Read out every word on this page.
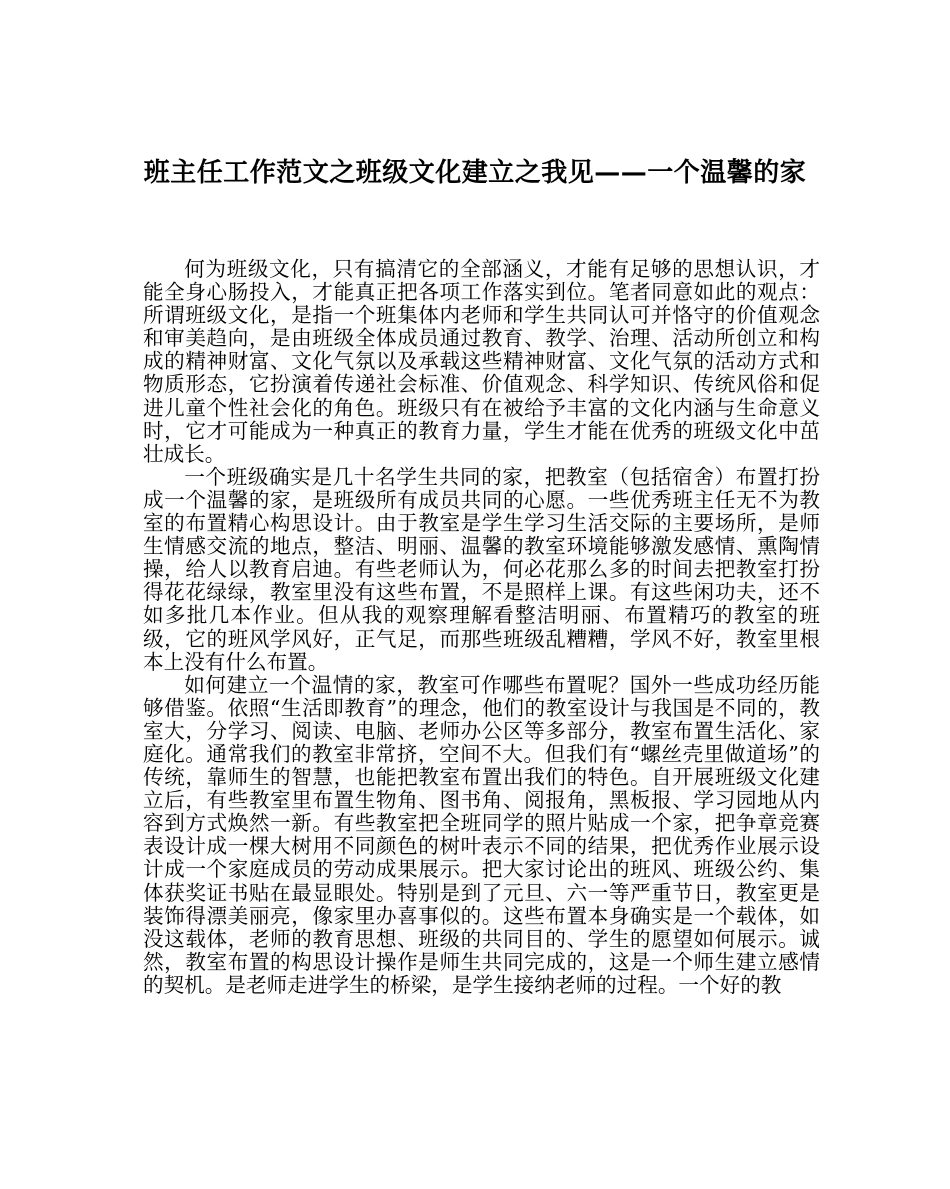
班主任工作范文之班级文化建立之我见——一个温馨的家

何为班级文化，只有搞清它的全部涵义，才能有足够的思想认识，才能全身心肠投入，才能真正把各项工作落实到位。笔者同意如此的观点：所谓班级文化，是指一个班集体内老师和学生共同认可并恪守的价值观念和审美趋向，是由班级全体成员通过教育、教学、治理、活动所创立和构成的精神财富、文化气氛以及承载这些精神财富、文化气氛的活动方式和物质形态，它扮演着传递社会标准、价值观念、科学知识、传统风俗和促进儿童个性社会化的角色。班级只有在被给予丰富的文化内涵与生命意义时，它才可能成为一种真正的教育力量，学生才能在优秀的班级文化中茁壮成长。

一个班级确实是几十名学生共同的家，把教室（包括宿舍）布置打扮成一个温馨的家，是班级所有成员共同的心愿。一些优秀班主任无不为教室的布置精心构思设计。由于教室是学生学习生活交际的主要场所，是师生情感交流的地点，整洁、明丽、温馨的教室环境能够激发感情、熏陶情操，给人以教育启迪。有些老师认为，何必花那么多的时间去把教室打扮得花花绿绿，教室里没有这些布置，不是照样上课。有这些闲功夫，还不如多批几本作业。但从我的观察理解看整洁明丽、布置精巧的教室的班级，它的班风学风好，正气足，而那些班级乱糟糟，学风不好，教室里根本上没有什么布置。

如何建立一个温情的家，教室可作哪些布置呢？国外一些成功经历能够借鉴。依照“生活即教育”的理念，他们的教室设计与我国是不同的，教室大，分学习、阅读、电脑、老师办公区等多部分，教室布置生活化、家庭化。通常我们的教室非常挤，空间不大。但我们有“螺丝壳里做道场”的传统，靠师生的智慧，也能把教室布置出我们的特色。自开展班级文化建立后，有些教室里布置生物角、图书角、阅报角，黑板报、学习园地从内容到方式焕然一新。有些教室把全班同学的照片贴成一个家，把争章竞赛表设计成一棵大树用不同颜色的树叶表示不同的结果，把优秀作业展示设计成一个家庭成员的劳动成果展示。把大家讨论出的班风、班级公约、集体获奖证书贴在最显眼处。特别是到了元旦、六一等严重节日，教室更是装饰得漂美丽亮，像家里办喜事似的。这些布置本身确实是一个载体，如没这载体，老师的教育思想、班级的共同目的、学生的愿望如何展示。诚然，教室布置的构思设计操作是师生共同完成的，这是一个师生建立感情的契机。是老师走进学生的桥梁，是学生接纳老师的过程。一个好的教
